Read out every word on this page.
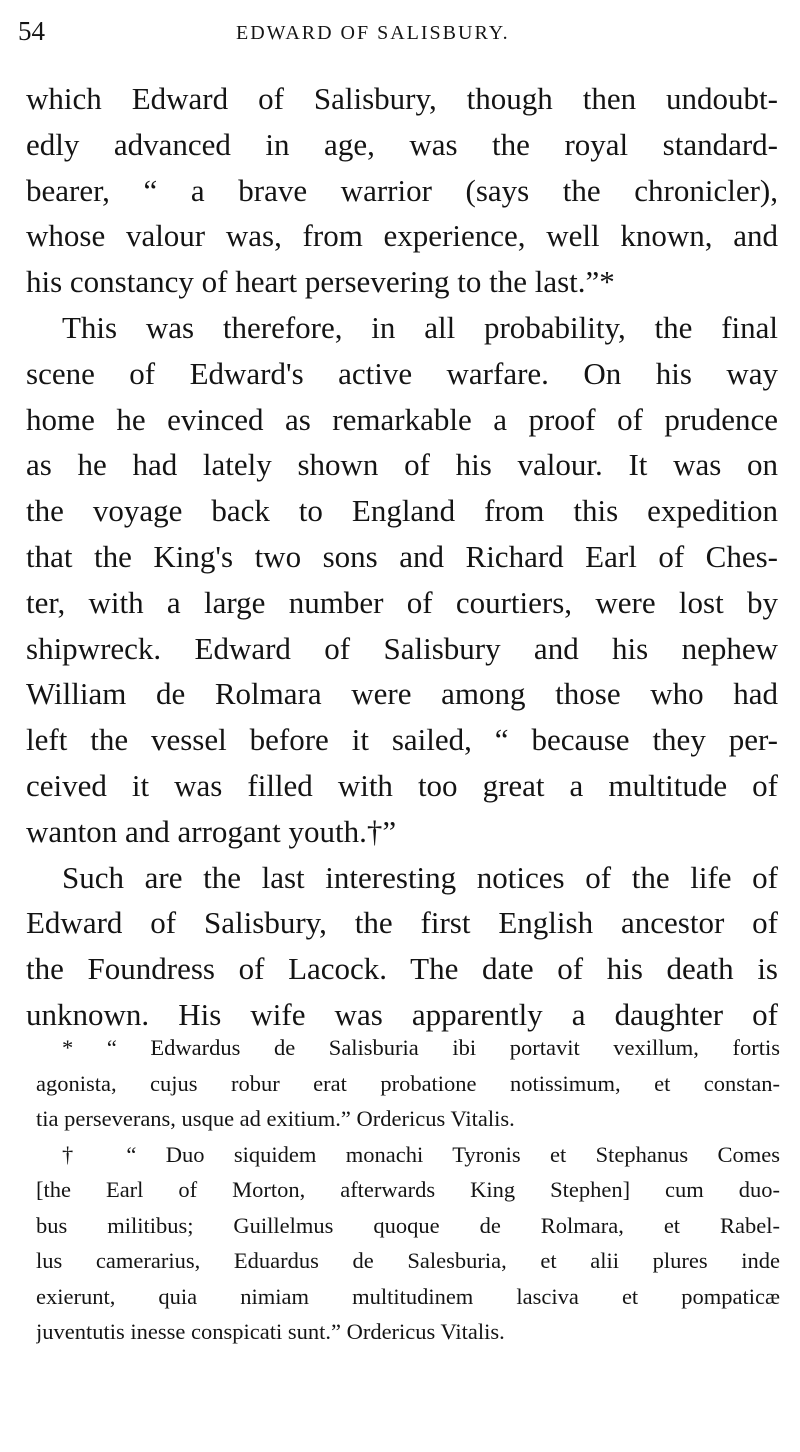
54	EDWARD OF SALISBURY.
which Edward of Salisbury, though then undoubt-
edly advanced in age, was the royal standard-
bearer, “ a brave warrior (says the chronicler),
whose valour was, from experience, well known, and
his constancy of heart persevering to the last.”*
This was therefore, in all probability, the final
scene of Edward's active warfare. On his way
home he evinced as remarkable a proof of prudence
as he had lately shown of his valour. It was on
the voyage back to England from this expedition
that the King's two sons and Richard Earl of Ches-
ter, with a large number of courtiers, were lost by
shipwreck. Edward of Salisbury and his nephew
William de Rolmara were among those who had
left the vessel before it sailed, “ because they per-
ceived it was filled with too great a multitude of
wanton and arrogant youth.†”
Such are the last interesting notices of the life of
Edward of Salisbury, the first English ancestor of
the Foundress of Lacock. The date of his death is
unknown. His wife was apparently a daughter of
* “ Edwardus de Salisburia ibi portavit vexillum, fortis
agonista, cujus robur erat probatione notissimum, et constan-
tia perseverans, usque ad exitium.” Ordericus Vitalis.
† “ Duo siquidem monachi Tyronis et Stephanus Comes
[the Earl of Morton, afterwards King Stephen] cum duo-
bus militibus; Guillelmus quoque de Rolmara, et Rabel-
lus camerarius, Eduardus de Salesburia, et alii plures inde
exierunt, quia nimiam multitudinem lasciva et pompaticæ
juventutis inesse conspicati sunt.” Ordericus Vitalis.
